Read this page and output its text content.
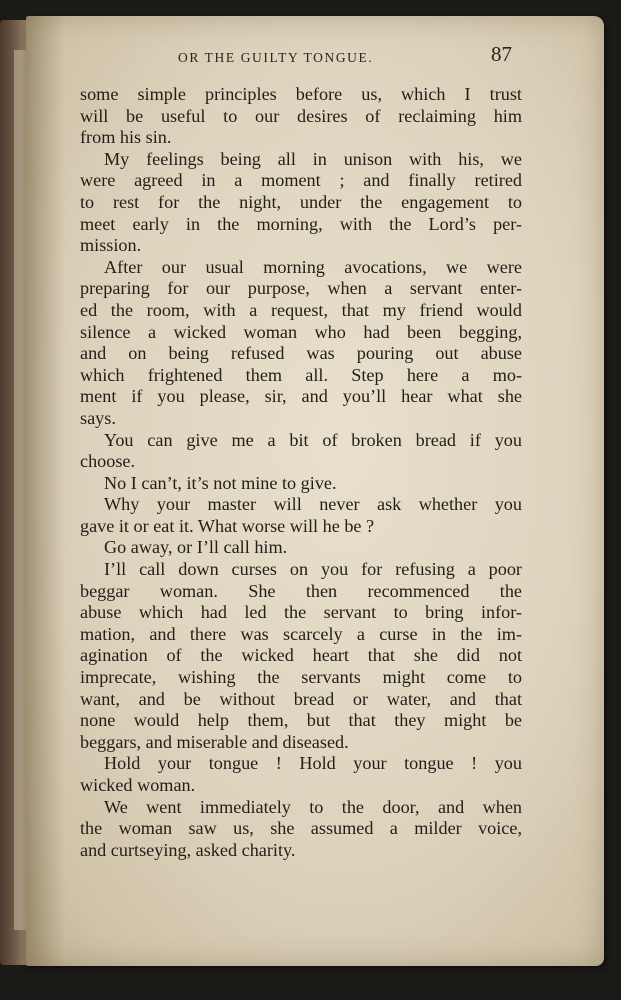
OR THE GUILTY TONGUE.	87
some simple principles before us, which I trust
will be useful to our desires of reclaiming him
from his sin.
My feelings being all in unison with his, we
were agreed in a moment ; and finally retired
to rest for the night, under the engagement to
meet early in the morning, with the Lord’s per-
mission.
After our usual morning avocations, we were
preparing for our purpose, when a servant enter-
ed the room, with a request, that my friend would
silence a wicked woman who had been begging,
and on being refused was pouring out abuse
which frightened them all. Step here a mo-
ment if you please, sir, and you’ll hear what she
says.
You can give me a bit of broken bread if you
choose.
No I can’t, it’s not mine to give.
Why your master will never ask whether you
gave it or eat it. What worse will he be ?
Go away, or I’ll call him.
I’ll call down curses on you for refusing a poor
beggar woman. She then recommenced the
abuse which had led the servant to bring infor-
mation, and there was scarcely a curse in the im-
agination of the wicked heart that she did not
imprecate, wishing the servants might come to
want, and be without bread or water, and that
none would help them, but that they might be
beggars, and miserable and diseased.
Hold your tongue ! Hold your tongue ! you
wicked woman.
We went immediately to the door, and when
the woman saw us, she assumed a milder voice,
and curtseying, asked charity.
